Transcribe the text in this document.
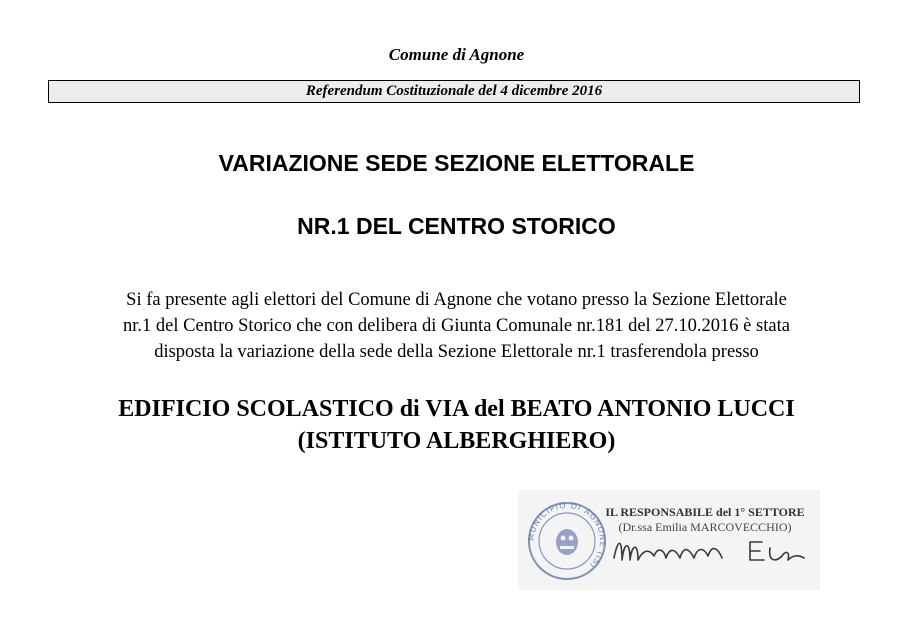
Comune di Agnone
Referendum Costituzionale del 4 dicembre 2016
VARIAZIONE SEDE SEZIONE ELETTORALE
NR.1 DEL CENTRO STORICO
Si fa presente agli elettori del Comune di Agnone che votano presso la Sezione Elettorale
nr.1 del Centro Storico che con delibera di Giunta Comunale nr.181 del 27.10.2016 è stata
disposta la variazione della sede della Sezione Elettorale nr.1 trasferendola presso
EDIFICIO SCOLASTICO di VIA del BEATO ANTONIO LUCCI
(ISTITUTO ALBERGHIERO)
MUNICIPIO DI AGNONE (IS)
IL RESPONSABILE del 1° SETTORE
(Dr.ssa Emilia MARCOVECCHIO)
